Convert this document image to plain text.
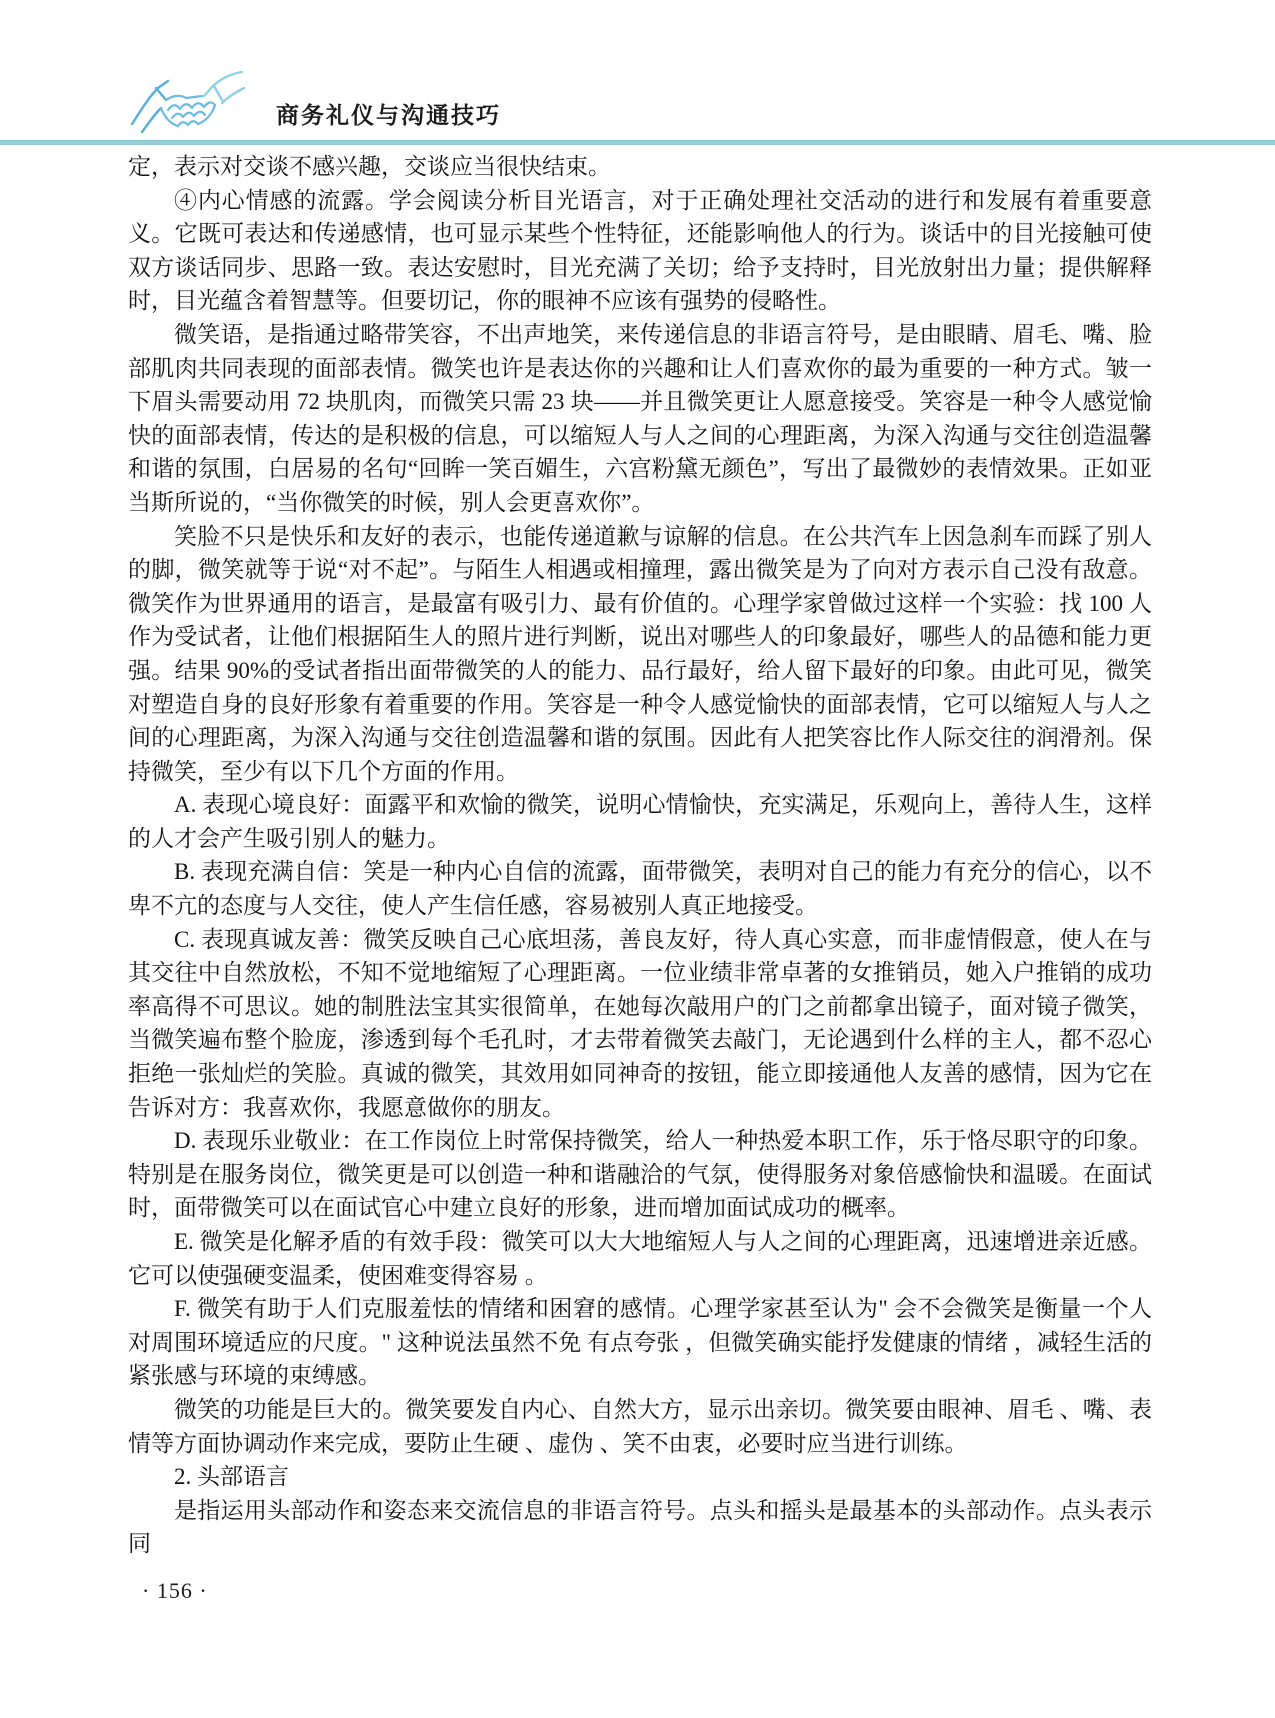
商务礼仪与沟通技巧

定，表示对交谈不感兴趣，交谈应当很快结束。

④内心情感的流露。学会阅读分析目光语言，对于正确处理社交活动的进行和发展有着重要意义。它既可表达和传递感情，也可显示某些个性特征，还能影响他人的行为。谈话中的目光接触可使双方谈话同步、思路一致。表达安慰时，目光充满了关切；给予支持时，目光放射出力量；提供解释时，目光蕴含着智慧等。但要切记，你的眼神不应该有强势的侵略性。

微笑语，是指通过略带笑容，不出声地笑，来传递信息的非语言符号，是由眼睛、眉毛、嘴、脸部肌肉共同表现的面部表情。微笑也许是表达你的兴趣和让人们喜欢你的最为重要的一种方式。皱一下眉头需要动用 72 块肌肉，而微笑只需 23 块——并且微笑更让人愿意接受。笑容是一种令人感觉愉快的面部表情，传达的是积极的信息，可以缩短人与人之间的心理距离，为深入沟通与交往创造温馨和谐的氛围，白居易的名句“回眸一笑百媚生，六宫粉黛无颜色”，写出了最微妙的表情效果。正如亚当斯所说的，“当你微笑的时候，别人会更喜欢你”。

笑脸不只是快乐和友好的表示，也能传递道歉与谅解的信息。在公共汽车上因急刹车而踩了别人的脚，微笑就等于说“对不起”。与陌生人相遇或相撞理，露出微笑是为了向对方表示自己没有敌意。微笑作为世界通用的语言，是最富有吸引力、最有价值的。心理学家曾做过这样一个实验：找 100 人作为受试者，让他们根据陌生人的照片进行判断，说出对哪些人的印象最好，哪些人的品德和能力更强。结果 90%的受试者指出面带微笑的人的能力、品行最好，给人留下最好的印象。由此可见，微笑对塑造自身的良好形象有着重要的作用。笑容是一种令人感觉愉快的面部表情，它可以缩短人与人之间的心理距离，为深入沟通与交往创造温馨和谐的氛围。因此有人把笑容比作人际交往的润滑剂。保持微笑，至少有以下几个方面的作用。

A. 表现心境良好：面露平和欢愉的微笑，说明心情愉快，充实满足，乐观向上，善待人生，这样的人才会产生吸引别人的魅力。

B. 表现充满自信：笑是一种内心自信的流露，面带微笑，表明对自己的能力有充分的信心，以不卑不亢的态度与人交往，使人产生信任感，容易被别人真正地接受。

C. 表现真诚友善：微笑反映自己心底坦荡，善良友好，待人真心实意，而非虚情假意，使人在与其交往中自然放松，不知不觉地缩短了心理距离。一位业绩非常卓著的女推销员，她入户推销的成功率高得不可思议。她的制胜法宝其实很简单，在她每次敲用户的门之前都拿出镜子，面对镜子微笑，当微笑遍布整个脸庞，渗透到每个毛孔时，才去带着微笑去敲门，无论遇到什么样的主人，都不忍心拒绝一张灿烂的笑脸。真诚的微笑，其效用如同神奇的按钮，能立即接通他人友善的感情，因为它在告诉对方：我喜欢你，我愿意做你的朋友。

D. 表现乐业敬业：在工作岗位上时常保持微笑，给人一种热爱本职工作，乐于恪尽职守的印象。特别是在服务岗位，微笑更是可以创造一种和谐融洽的气氛，使得服务对象倍感愉快和温暖。在面试时，面带微笑可以在面试官心中建立良好的形象，进而增加面试成功的概率。

E. 微笑是化解矛盾的有效手段：微笑可以大大地缩短人与人之间的心理距离，迅速增进亲近感。它可以使强硬变温柔，使困难变得容易 。

F. 微笑有助于人们克服羞怯的情绪和困窘的感情。心理学家甚至认为" 会不会微笑是衡量一个人对周围环境适应的尺度。" 这种说法虽然不免 有点夸张 ，但微笑确实能抒发健康的情绪 ，减轻生活的紧张感与环境的束缚感。

微笑的功能是巨大的。微笑要发自内心、自然大方，显示出亲切。微笑要由眼神、眉毛 、嘴、表情等方面协调动作来完成，要防止生硬 、虚伪 、笑不由衷，必要时应当进行训练。

2. 头部语言

是指运用头部动作和姿态来交流信息的非语言符号。点头和摇头是最基本的头部动作。点头表示同

· 156 ·
